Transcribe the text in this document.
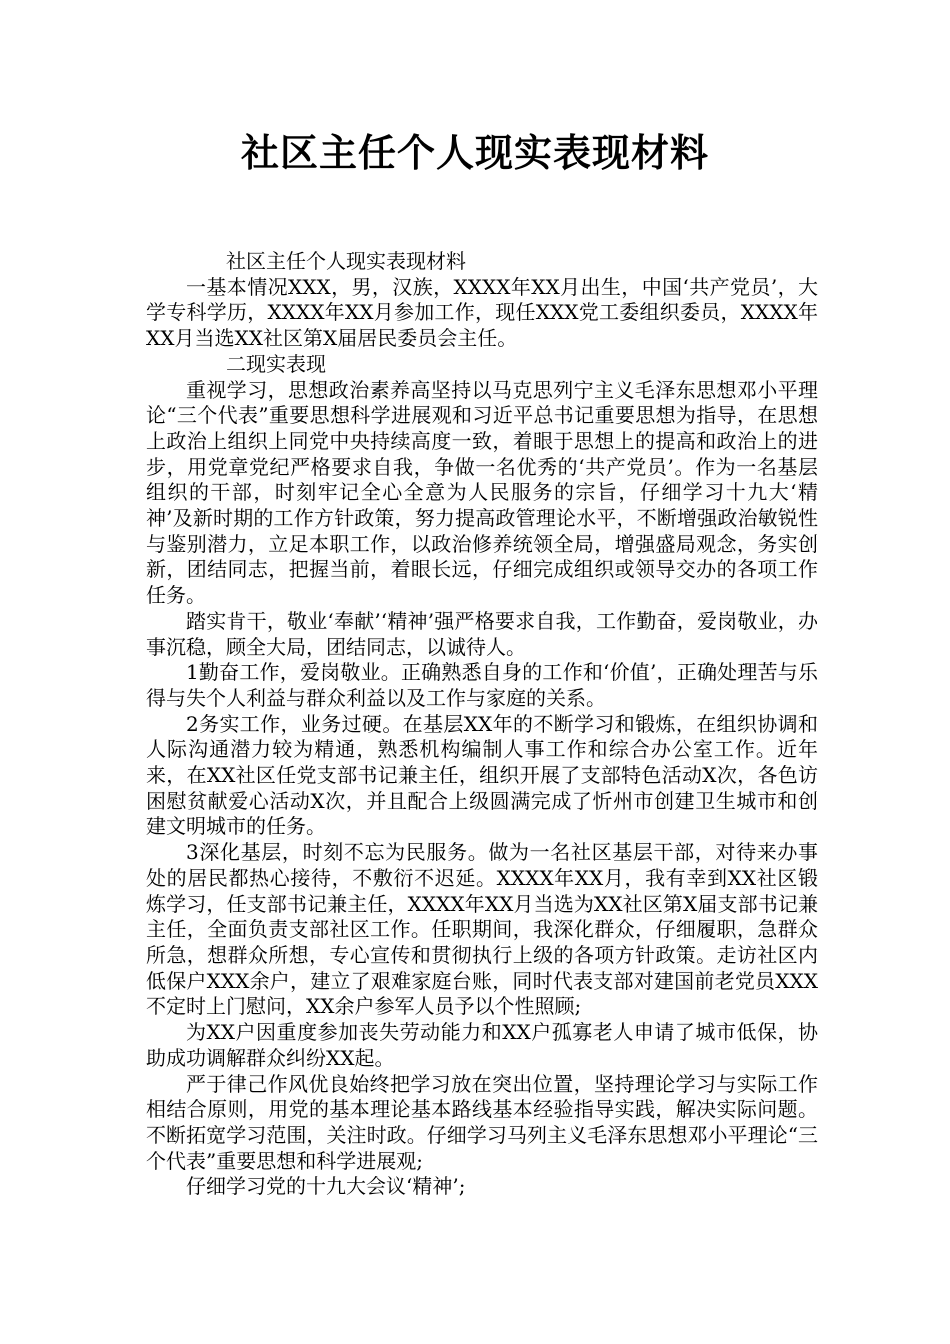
社区主任个人现实表现材料

社区主任个人现实表现材料

一基本情况XXX，男，汉族，XXXX年XX月出生，中国‘共产党员’，大学专科学历，XXXX年XX月参加工作，现任XXX党工委组织委员，XXXX年XX月当选XX社区第X届居民委员会主任。

二现实表现

重视学习，思想政治素养高坚持以马克思列宁主义毛泽东思想邓小平理论“三个代表”重要思想科学进展观和习近平总书记重要思想为指导，在思想上政治上组织上同党中央持续高度一致，着眼于思想上的提高和政治上的进步，用党章党纪严格要求自我，争做一名优秀的‘共产党员’。作为一名基层组织的干部，时刻牢记全心全意为人民服务的宗旨，仔细学习十九大‘精神’及新时期的工作方针政策，努力提高政管理论水平，不断增强政治敏锐性与鉴别潜力，立足本职工作，以政治修养统领全局，增强盛局观念，务实创新，团结同志，把握当前，着眼长远，仔细完成组织或领导交办的各项工作任务。

踏实肯干，敬业‘奉献’‘精神’强严格要求自我，工作勤奋，爱岗敬业，办事沉稳，顾全大局，团结同志，以诚待人。

1勤奋工作，爱岗敬业。正确熟悉自身的工作和‘价值’，正确处理苦与乐得与失个人利益与群众利益以及工作与家庭的关系。

2务实工作，业务过硬。在基层XX年的不断学习和锻炼，在组织协调和人际沟通潜力较为精通，熟悉机构编制人事工作和综合办公室工作。近年来，在XX社区任党支部书记兼主任，组织开展了支部特色活动X次，各色访困慰贫献爱心活动X次，并且配合上级圆满完成了忻州市创建卫生城市和创建文明城市的任务。

3深化基层，时刻不忘为民服务。做为一名社区基层干部，对待来办事处的居民都热心接待，不敷衍不迟延。XXXX年XX月，我有幸到XX社区锻炼学习，任支部书记兼主任，XXXX年XX月当选为XX社区第X届支部书记兼主任，全面负责支部社区工作。任职期间，我深化群众，仔细履职，急群众所急，想群众所想，专心宣传和贯彻执行上级的各项方针政策。走访社区内低保户XXX余户，建立了艰难家庭台账，同时代表支部对建国前老党员XXX不定时上门慰问，XX余户参军人员予以个性照顾;

为XX户因重度参加丧失劳动能力和XX户孤寡老人申请了城市低保，协助成功调解群众纠纷XX起。

严于律己作风优良始终把学习放在突出位置，坚持理论学习与实际工作相结合原则，用党的基本理论基本路线基本经验指导实践，解决实际问题。不断拓宽学习范围，关注时政。仔细学习马列主义毛泽东思想邓小平理论“三个代表”重要思想和科学进展观;

仔细学习党的十九大会议‘精神’;
